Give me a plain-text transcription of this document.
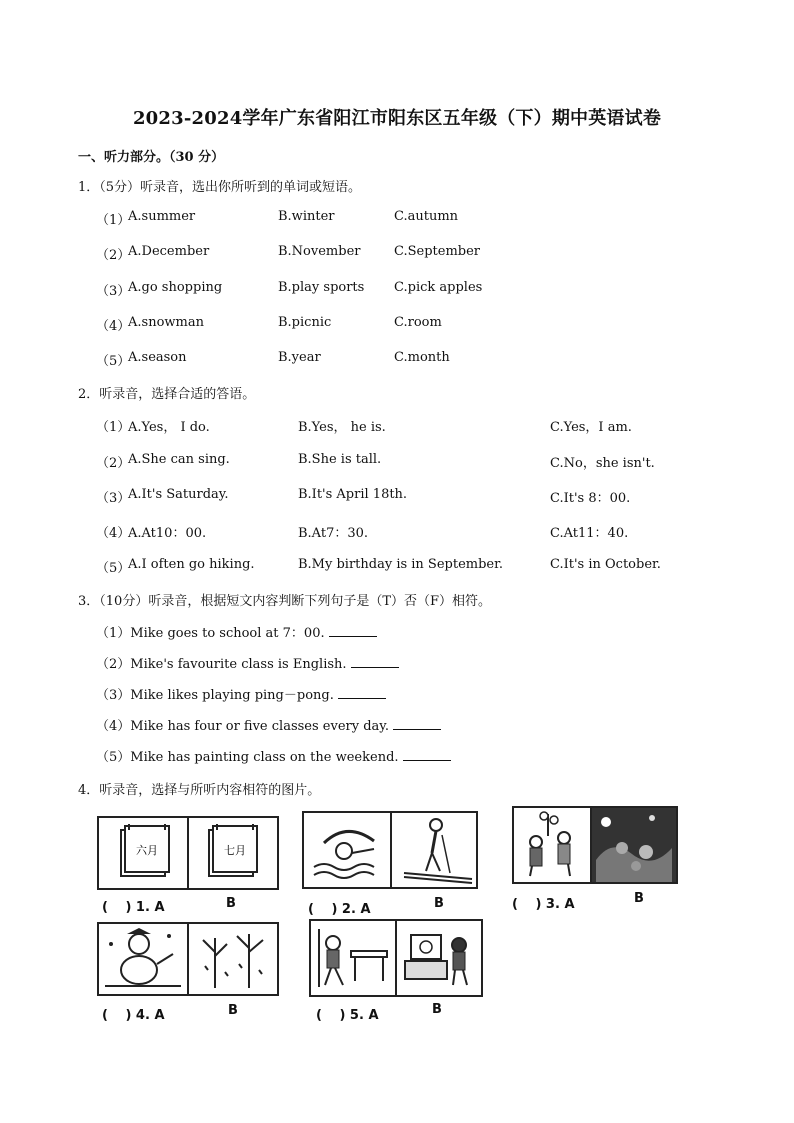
2023-2024学年广东省阳江市阳东区五年级（下）期中英语试卷
一、听力部分。（30 分）
1．（5分）听录音，选出你所听到的单词或短语。
（1）
A.summer	B.winter	C.autumn
（2）
A.December	B.November	C.September
（3）
A.go shopping	B.play sports C.pick apples
（4）
A.snowman	B.picnic	C.room
（5）
A.season	B.year	C.month
2．听录音，选择合适的答语。
（1）
A.Yes， I do.	B.Yes， he is.	C.Yes，I am.
（2）
A.She can sing.	B.She is tall.	C.No，she isn't.
（3）
A.It's Saturday.	B.It's April 18th.	C.It's 8：00.
（4）
A.At10：00.	B.At7：30.	C.At11：40.
（5）
A.I often go hiking.	B.My birthday is in September.	C.It's in October.
3．（10分）听录音，根据短文内容判断下列句子是（T）否（F）相符。
（1）Mike goes to school at 7：00.
（2）Mike's favourite class is English.
（3）Mike likes playing ping－pong.
（4）Mike has four or five classes every day.
（5）Mike has painting class on the weekend.
4．听录音，选择与所听内容相符的图片。
六月	七月
(　 ) 1. A	B	(　 ) 2. A	B	(　 ) 3. A	B
(　 ) 4. A	B	(　 ) 5. A	B
